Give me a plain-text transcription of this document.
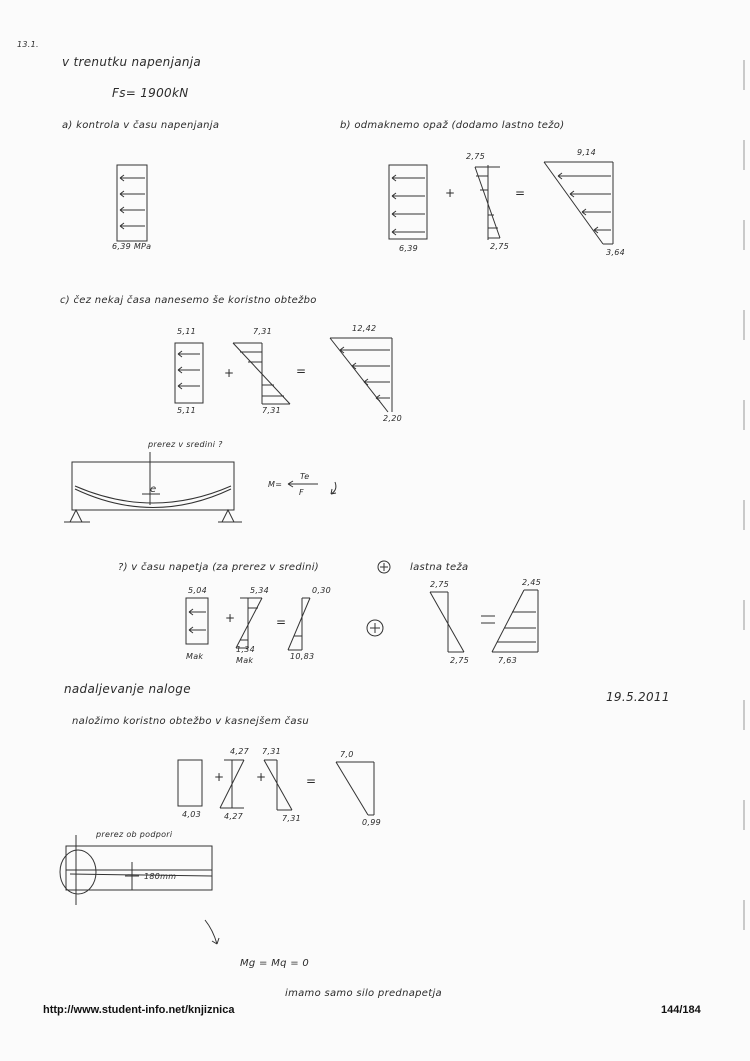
13.1.
v trenutku napenjanja
Fs= 1900kN
a) kontrola v času napenjanja
6,39 MPa
b) odmaknemo opaž (dodamo lastno težo)
6,39
2,75
2,75
9,14
3,64
+	=
c) čez nekaj časa nanesemo še koristno obtežbo
5,11
5,11
7,31
7,31
12,42
2,20
+	=
prerez v sredini ?
e	M=
Te
F
?) v času napetja (za prerez v sredini)	lastna teža
5,04
Mak
5,34
1,34
Mak
0,30
10,83
2,75
2,75
2,45
7,63
+	=
nadaljevanje naloge
19.5.2011
naložimo koristno obtežbo v kasnejšem času
4,03
4,27
4,27
7,31
7,31
7,0
0,99
+	+	=
prerez ob podpori
180mm
Mg = Mq = 0
imamo samo silo prednapetja
http://www.student-info.net/knjiznica	144/184
